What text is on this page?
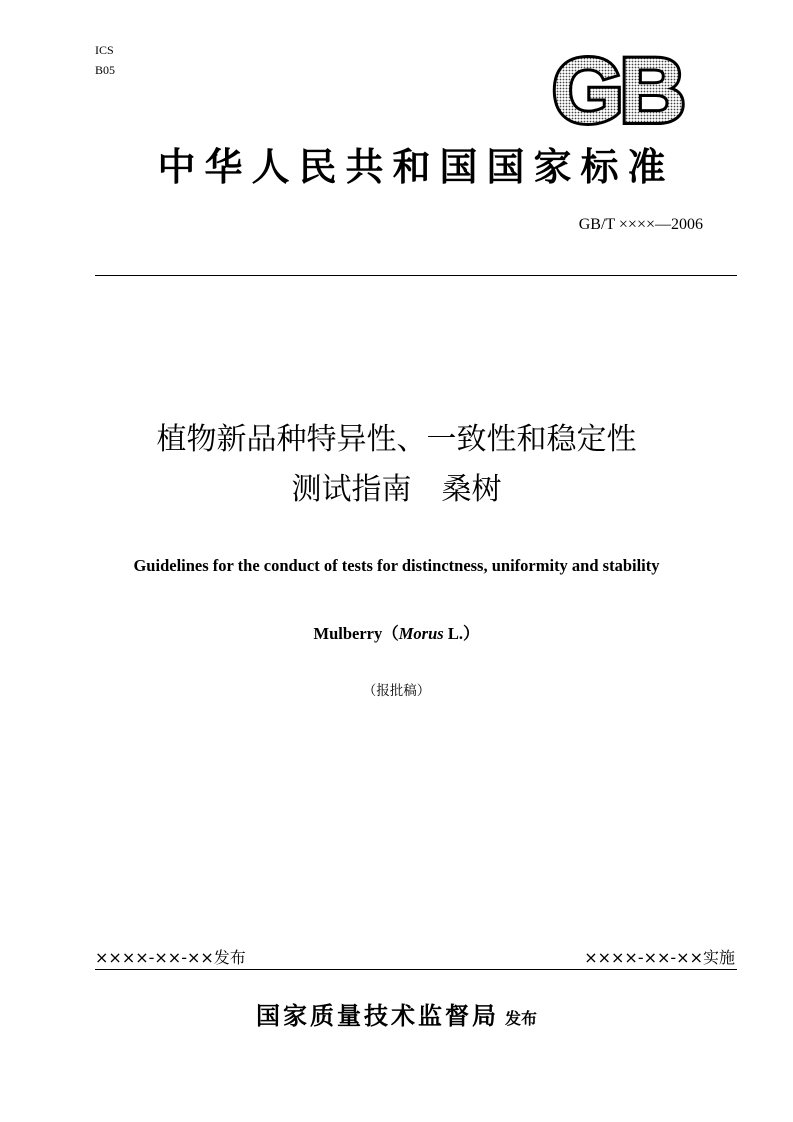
ICS
B05	GB
中华人民共和国国家标准
GB/T ××××—2006
植物新品种特异性、一致性和稳定性
测试指南　桑树
Guidelines for the conduct of tests for distinctness, uniformity and stability
Mulberry（Morus L.）
（报批稿）
××××-××-××发布	××××-××-××实施
国家质量技术监督局 发布
